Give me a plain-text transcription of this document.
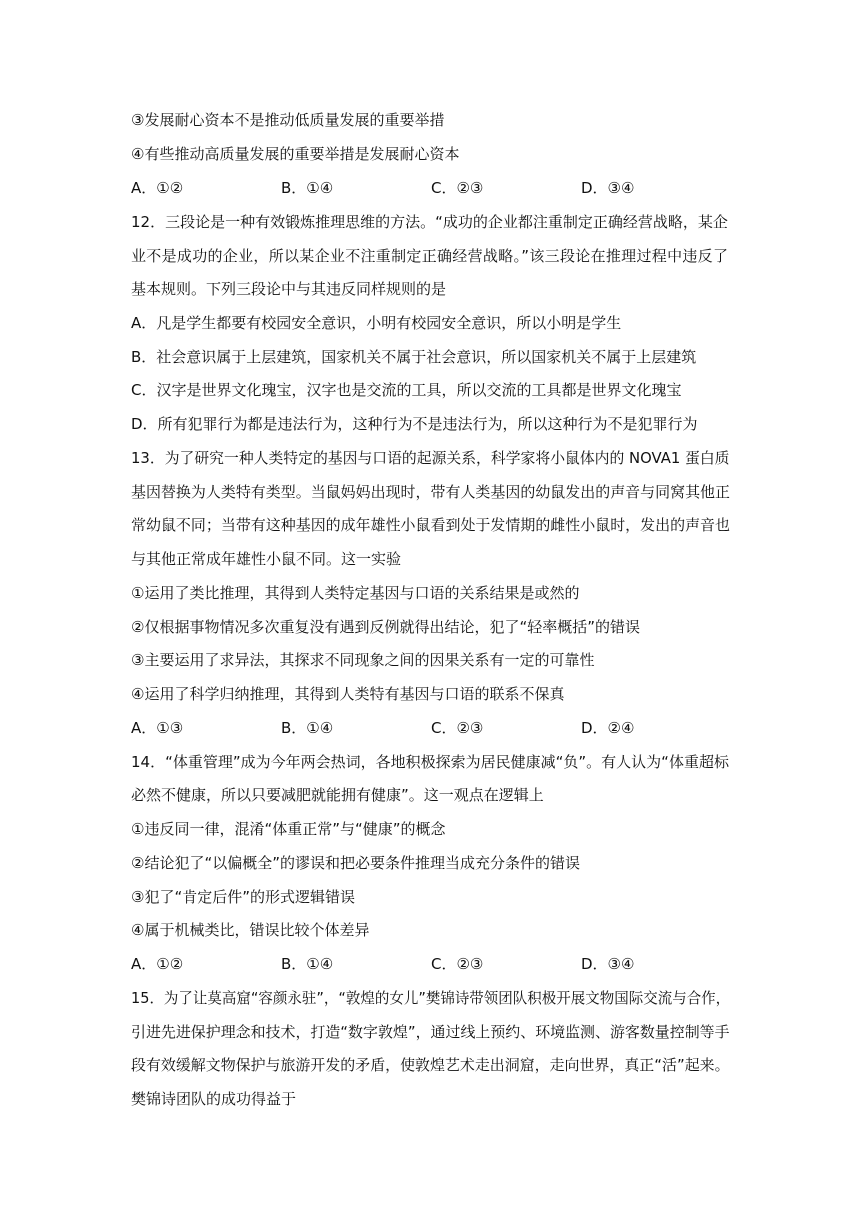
③发展耐心资本不是推动低质量发展的重要举措
④有些推动高质量发展的重要举措是发展耐心资本
A．①②	B．①④	C．②③	D．③④
12．三段论是一种有效锻炼推理思维的方法。“成功的企业都注重制定正确经营战略，某企
业不是成功的企业，所以某企业不注重制定正确经营战略。”该三段论在推理过程中违反了
基本规则。下列三段论中与其违反同样规则的是
A．凡是学生都要有校园安全意识，小明有校园安全意识，所以小明是学生
B．社会意识属于上层建筑，国家机关不属于社会意识，所以国家机关不属于上层建筑
C．汉字是世界文化瑰宝，汉字也是交流的工具，所以交流的工具都是世界文化瑰宝
D．所有犯罪行为都是违法行为，这种行为不是违法行为，所以这种行为不是犯罪行为
13．为了研究一种人类特定的基因与口语的起源关系，科学家将小鼠体内的 NOVA1 蛋白质
基因替换为人类特有类型。当鼠妈妈出现时，带有人类基因的幼鼠发出的声音与同窝其他正
常幼鼠不同；当带有这种基因的成年雄性小鼠看到处于发情期的雌性小鼠时，发出的声音也
与其他正常成年雄性小鼠不同。这一实验
①运用了类比推理，其得到人类特定基因与口语的关系结果是或然的
②仅根据事物情况多次重复没有遇到反例就得出结论，犯了“轻率概括”的错误
③主要运用了求异法，其探求不同现象之间的因果关系有一定的可靠性
④运用了科学归纳推理，其得到人类特有基因与口语的联系不保真
A．①③	B．①④	C．②③	D．②④
14．“体重管理”成为今年两会热词，各地积极探索为居民健康减“负”。有人认为“体重超标
必然不健康，所以只要减肥就能拥有健康”。这一观点在逻辑上
①违反同一律，混淆“体重正常”与“健康”的概念
②结论犯了“以偏概全”的谬误和把必要条件推理当成充分条件的错误
③犯了“肯定后件”的形式逻辑错误
④属于机械类比，错误比较个体差异
A．①②	B．①④	C．②③	D．③④
15．为了让莫高窟“容颜永驻”，“敦煌的女儿”樊锦诗带领团队积极开展文物国际交流与合作，
引进先进保护理念和技术，打造“数字敦煌”，通过线上预约、环境监测、游客数量控制等手
段有效缓解文物保护与旅游开发的矛盾，使敦煌艺术走出洞窟，走向世界，真正“活”起来。
樊锦诗团队的成功得益于
